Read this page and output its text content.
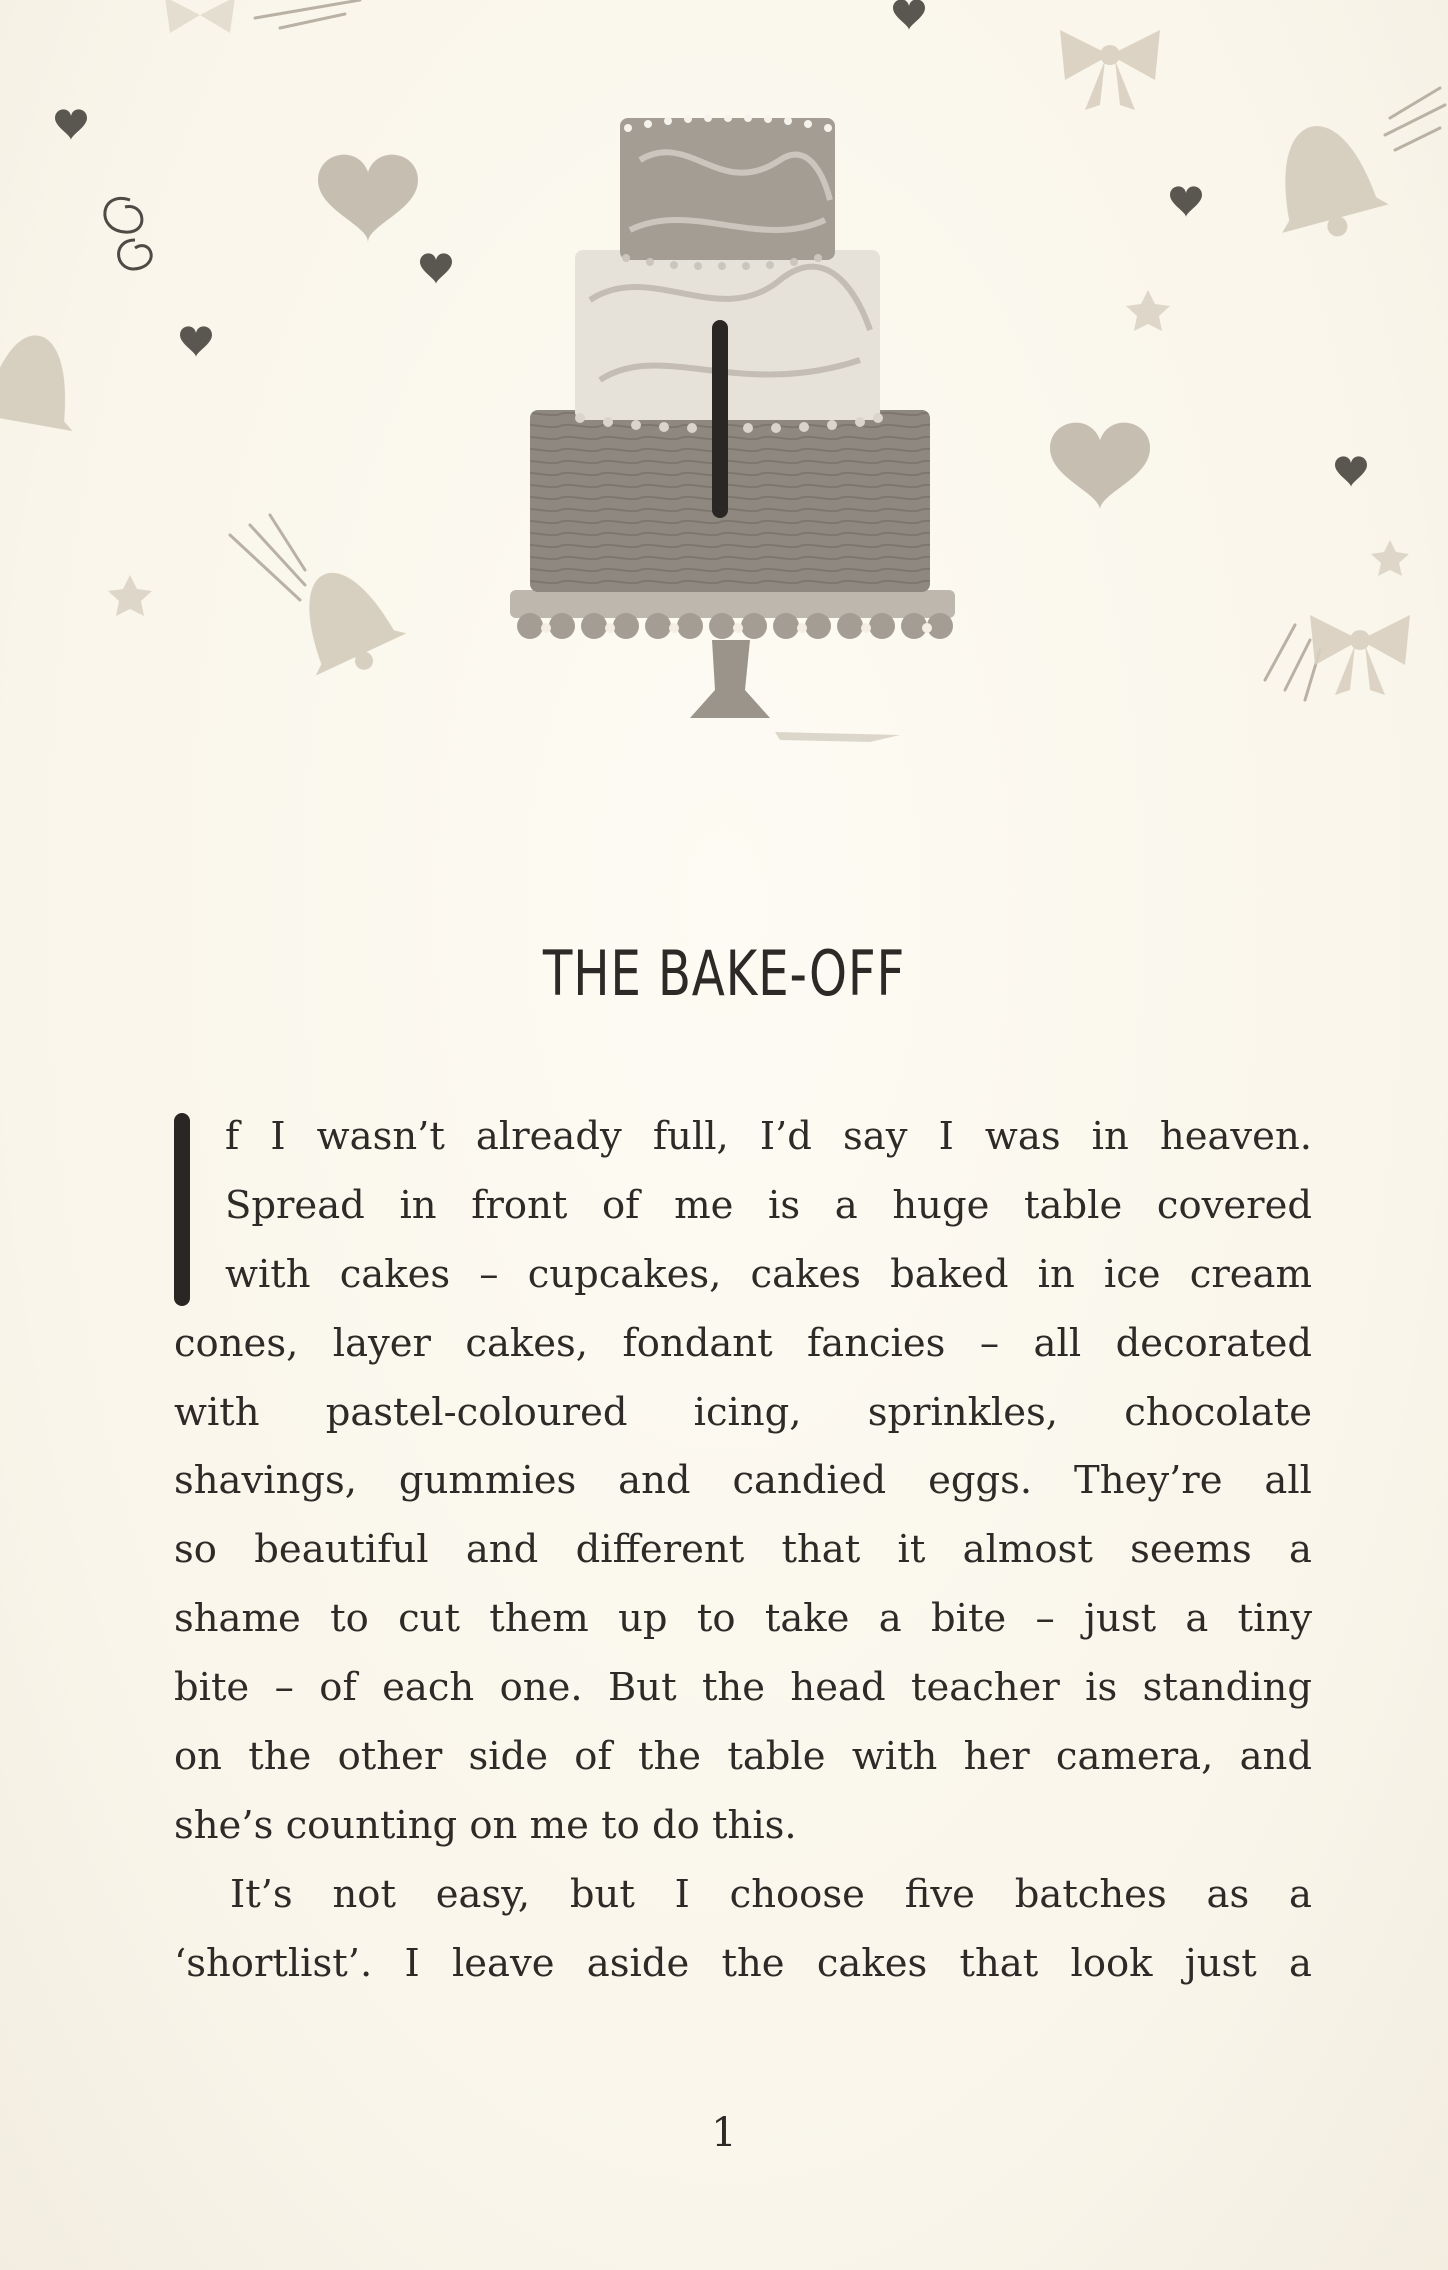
THE BAKE-OFF
f I wasn’t already full, I’d say I was in heaven.
Spread in front of me is a huge table covered
with cakes – cupcakes, cakes baked in ice cream
cones, layer cakes, fondant fancies – all decorated
with pastel-coloured icing, sprinkles, chocolate
shavings, gummies and candied eggs. They’re all
so beautiful and different that it almost seems a
shame to cut them up to take a bite – just a tiny
bite – of each one. But the head teacher is standing
on the other side of the table with her camera, and
she’s counting on me to do this.
It’s not easy, but I choose five batches as a
‘shortlist’. I leave aside the cakes that look just a
1
